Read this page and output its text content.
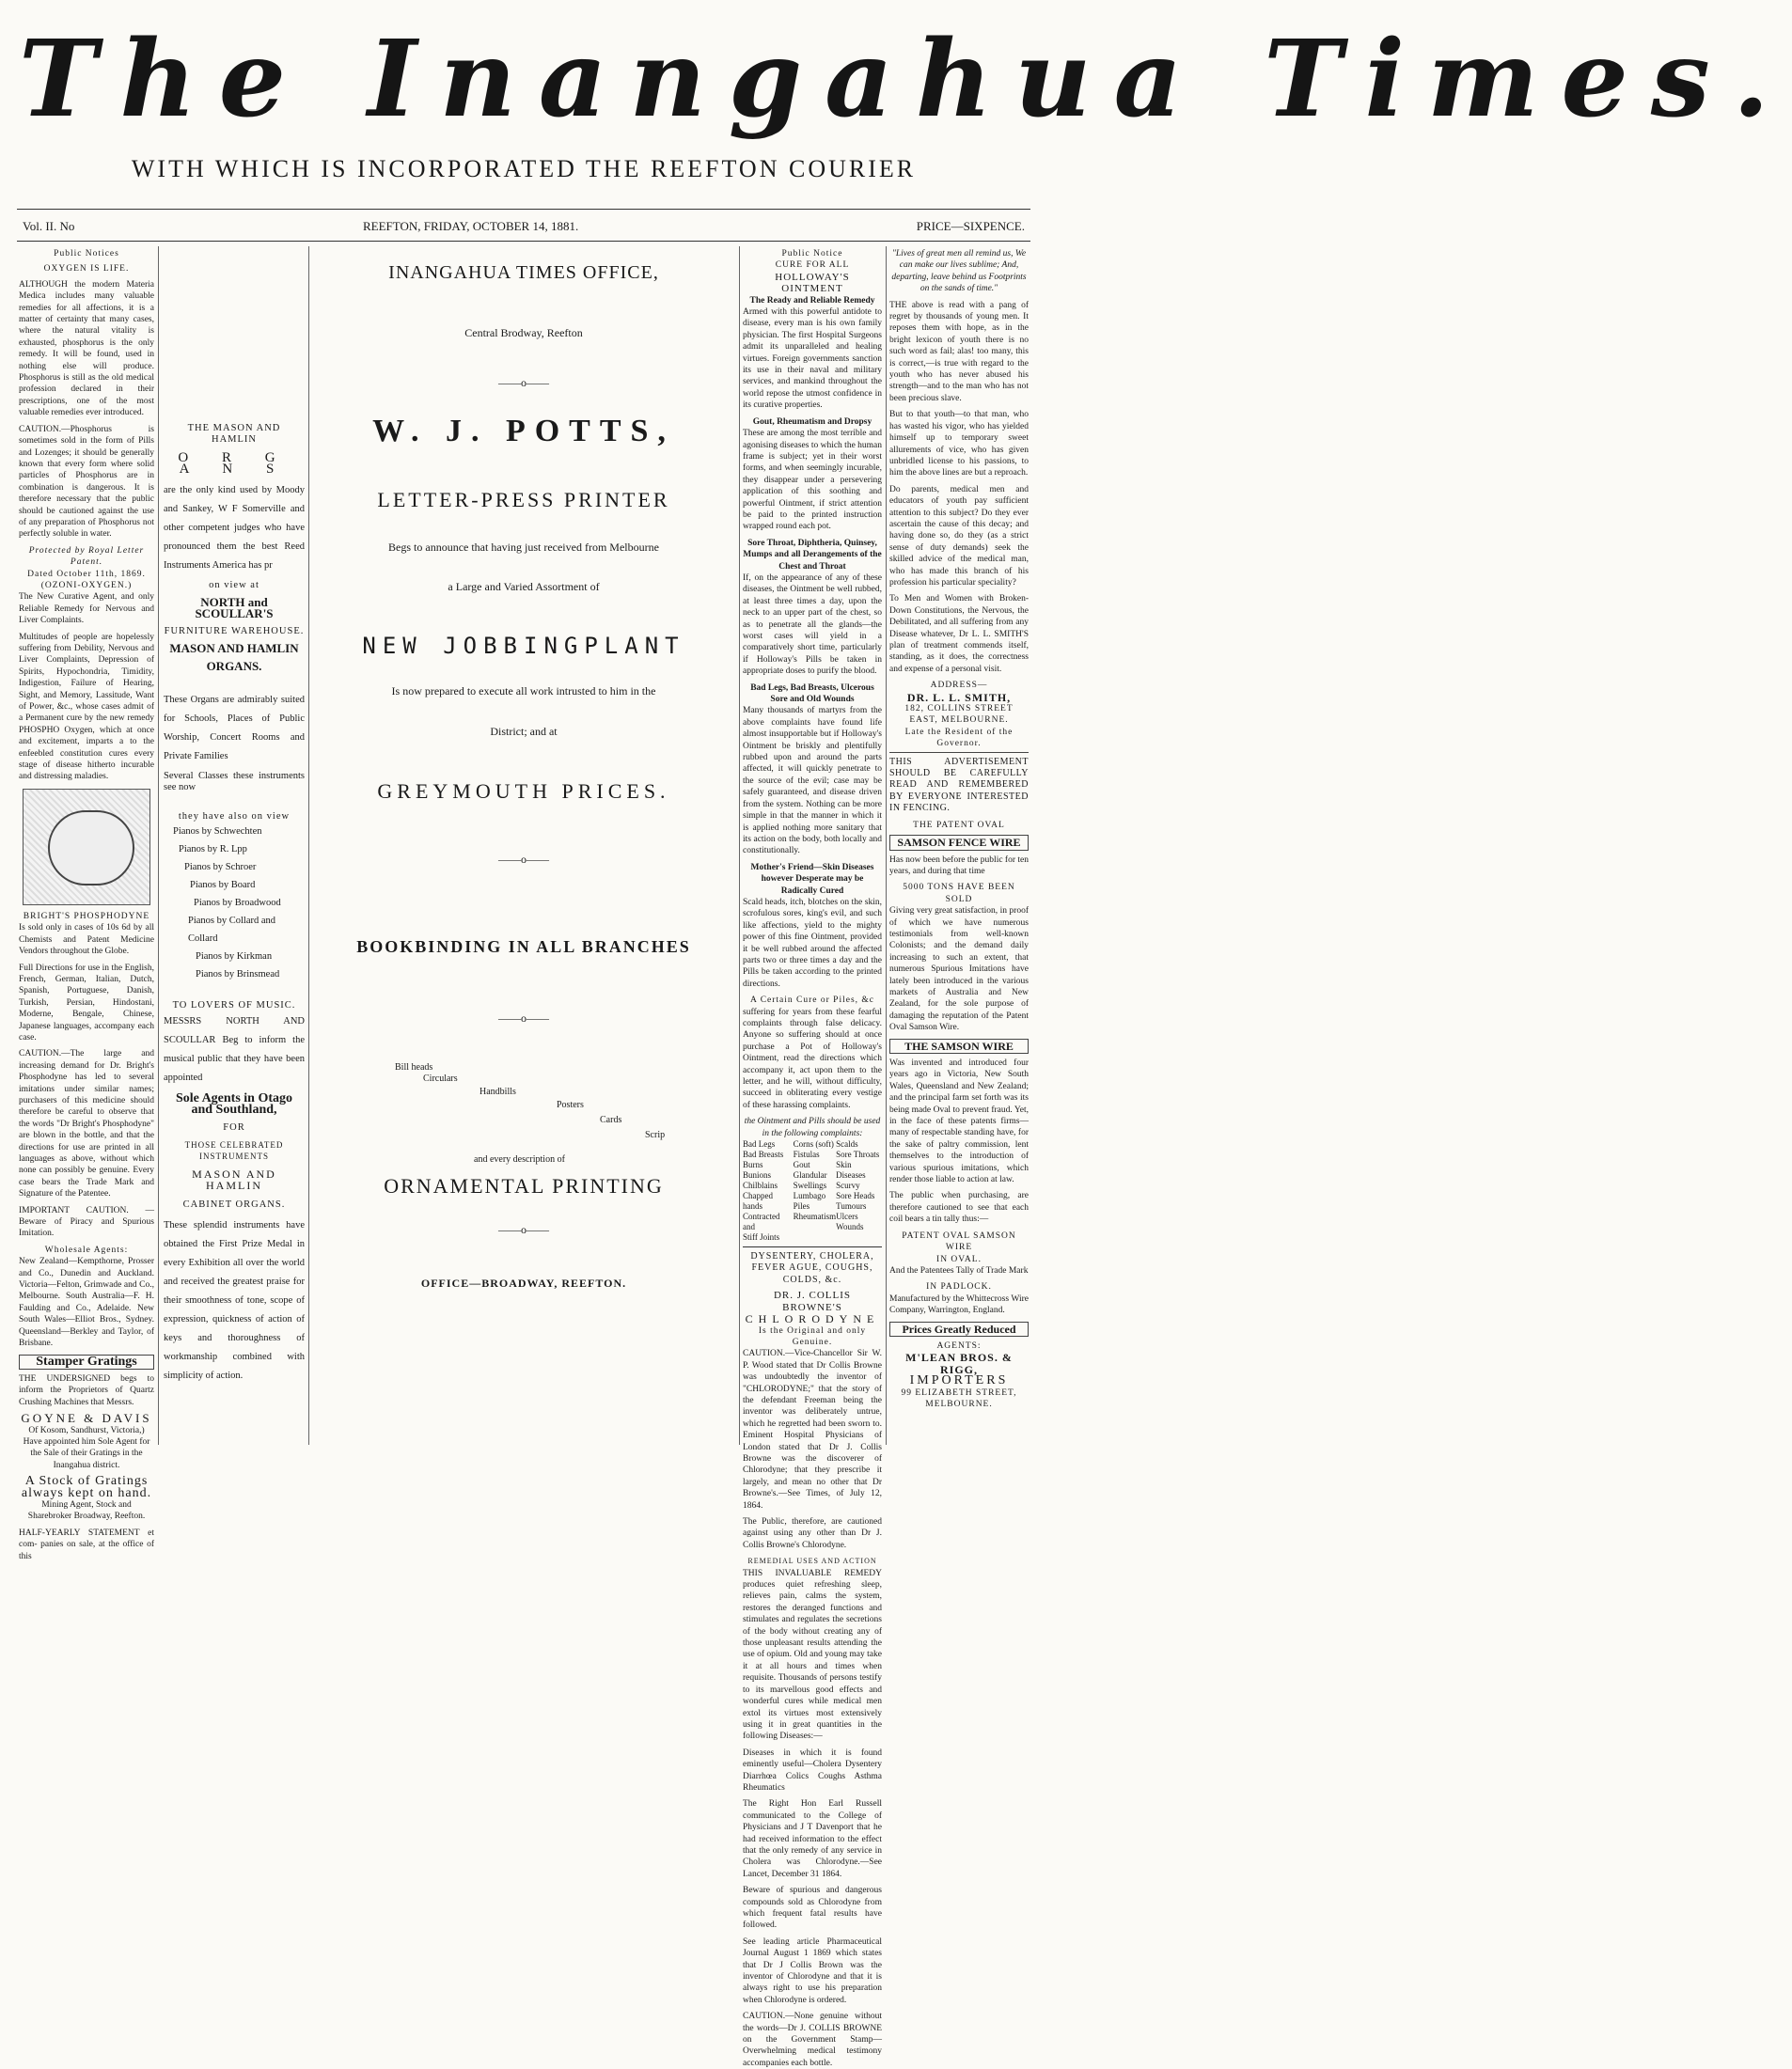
The Inangahua Times.
WITH WHICH IS INCORPORATED THE REEFTON COURIER
Vol. II. No	REEFTON, FRIDAY, OCTOBER 14, 1881.	PRICE—SIXPENCE.
Public Notices
OXYGEN IS LIFE.

ALTHOUGH the modern Materia Medica includes many valuable remedies for all affections, it is a matter of certainty that many cases, where the natural vitality is exhausted, phosphorus is the only remedy. It will be found, used in nothing else will produce. Phosphorus is still as the old medical profession declared in their prescriptions, one of the most valuable remedies ever introduced.

CAUTION.—Phosphorus is sometimes sold in the form of Pills and Lozenges; it should be generally known that every form where solid particles of Phosphorus are in combination is dangerous. It is therefore necessary that the public should be cautioned against the use of any preparation of Phosphorus not perfectly soluble in water.

Protected by Royal Letter Patent.
Dated October 11th, 1869.
(OZONI-OXYGEN.)

The New Curative Agent, and only Reliable Remedy for Nervous and Liver Complaints.

Multitudes of people are hopelessly suffering from Debility, Nervous and Liver Complaints, Depression of Spirits, Hypochondria, Timidity, Indigestion, Failure of Hearing, Sight, and Memory, Lassitude, Want of Power, &c., whose cases admit of a Permanent cure by the new remedy PHOSPHO Oxygen, which at once and excitement, imparts a to the enfeebled constitution cures every stage of disease hitherto incurable and distressing maladies.

BRIGHT'S PHOSPHODYNE

Is sold only in cases of 10s 6d by all Chemists and Patent Medicine Vendors throughout the Globe.

Full Directions for use in the English, French, German, Italian, Dutch, Spanish, Portuguese, Danish, Turkish, Persian, Hindostani, Moderne, Bengale, Chinese, Japanese languages, accompany each case.

CAUTION.—The large and increasing demand for Dr. Bright's Phosphodyne has led to several imitations under similar names; purchasers of this medicine should therefore be careful to observe that the words "Dr Bright's Phosphodyne" are blown in the bottle, and that the directions for use are printed in all languages as above, without which none can possibly be genuine. Every case bears the Trade Mark and Signature of the Patentee.

IMPORTANT CAUTION. — Beware of Piracy and Spurious Imitation.

Wholesale Agents:

New Zealand—Kempthorne, Prosser and Co., Dunedin and Auckland. Victoria—Felton, Grimwade and Co., Melbourne. South Australia—F. H. Faulding and Co., Adelaide. New South Wales—Elliot Bros., Sydney. Queensland—Berkley and Taylor, of Brisbane.

Stamper Gratings

THE UNDERSIGNED begs to inform the Proprietors of Quartz Crushing Machines that Messrs.

GOYNE & DAVIS

Of Kosom, Sandhurst, Victoria,) Have appointed him Sole Agent for the Sale of their Gratings in the Inangahua district.

A Stock of Gratings always kept on hand.

Mining Agent, Stock and Sharebroker Broadway, Reefton.

HALF-YEARLY STATEMENT et com- panies on sale, at the office of this

THE MASON AND HAMLIN
O R G A N S

are the only kind used by Moody and Sankey, W F Somerville and other competent judges who have pronounced them the best Reed Instruments America has pr

on view at
NORTH and SCOULLAR'S
FURNITURE WAREHOUSE.
MASON AND HAMLIN
ORGANS.

These Organs are admirably suited for Schools, Places of Public Worship, Concert Rooms and Private Families

Several Classes these instruments see now

they have also on view
Pianos by Schwechten
Pianos by R. Lpp
Pianos by Schroer
Pianos by Board
Pianos by Broadwood
Pianos by Collard and Collard
Pianos by Kirkman
Pianos by Brinsmead
TO LOVERS OF MUSIC.

MESSRS NORTH AND SCOULLAR Beg to inform the musical public that they have been appointed

Sole Agents in Otago and Southland,
FOR
THOSE CELEBRATED INSTRUMENTS
MASON AND HAMLIN
CABINET ORGANS.

These splendid instruments have obtained the First Prize Medal in every Exhibition all over the world and received the greatest praise for their smoothness of tone, scope of expression, quickness of action of keys and thoroughness of workmanship combined with simplicity of action.

INANGAHUA TIMES OFFICE,
Central Brodway, Reefton
——o——
W. J. POTTS,
LETTER-PRESS PRINTER
Begs to announce that having just received from Melbourne
a Large and Varied Assortment of
NEW JOBBINGPLANT
Is now prepared to execute all work intrusted to him in the
District; and at
GREYMOUTH PRICES.
——o——
BOOKBINDING IN ALL BRANCHES
——o——
Bill heads
Circulars
Handbills
Posters
Cards
Scrip
and every description of
ORNAMENTAL PRINTING
——o——
OFFICE—BROADWAY, REEFTON.
Public Notice
CURE FOR ALL
HOLLOWAY'S OINTMENT
The Ready and Reliable Remedy

Armed with this powerful antidote to disease, every man is his own family physician. The first Hospital Surgeons admit its unparalleled and healing virtues. Foreign governments sanction its use in their naval and military services, and mankind throughout the world repose the utmost confidence in its curative properties.

Gout, Rheumatism and Dropsy

These are among the most terrible and agonising diseases to which the human frame is subject; yet in their worst forms, and when seemingly incurable, they disappear under a persevering application of this soothing and powerful Ointment, if strict attention be paid to the printed instruction wrapped round each pot.

Sore Throat, Diphtheria, Quinsey, Mumps and all Derangements of the Chest and Throat

If, on the appearance of any of these diseases, the Ointment be well rubbed, at least three times a day, upon the neck to an upper part of the chest, so as to penetrate all the glands—the worst cases will yield in a comparatively short time, particularly if Holloway's Pills be taken in appropriate doses to purify the blood.

Bad Legs, Bad Breasts, Ulcerous Sore and Old Wounds

Many thousands of martyrs from the above complaints have found life almost insupportable but if Holloway's Ointment be briskly and plentifully rubbed upon and around the parts affected, it will quickly penetrate to the source of the evil; case may be safely guaranteed, and disease driven from the system. Nothing can be more simple in that the manner in which it is applied nothing more sanitary that its action on the body, both locally and constitutionally.

Mother's Friend—Skin Diseases however Desperate may be Radically Cured

Scald heads, itch, blotches on the skin, scrofulous sores, king's evil, and such like affections, yield to the mighty power of this fine Ointment, provided it be well rubbed around the affected parts two or three times a day and the Pills be taken according to the printed directions.

A Certain Cure or Piles, &c

suffering for years from these fearful complaints through false delicacy. Anyone so suffering should at once purchase a Pot of Holloway's Ointment, read the directions which accompany it, act upon them to the letter, and he will, without difficulty, succeed in obliterating every vestige of these harassing complaints.

the Ointment and Pills should be used in the following complaints:
Bad Legs
Bad Breasts
Burns
Bunions
Chilblains
Chapped hands
Contracted and
Stiff Joints
Corns (soft)
Fistulas
Gout
Glandular
Swellings
Lumbago
Piles
Rheumatism
Scalds
Sore Throats
Skin Diseases
Scurvy
Sore Heads
Tumours
Ulcers
Wounds
DYSENTERY, CHOLERA, FEVER AGUE, COUGHS, COLDS, &c.
DR. J. COLLIS BROWNE'S
CHLORODYNE
Is the Original and only Genuine.

CAUTION.—Vice-Chancellor Sir W. P. Wood stated that Dr Collis Browne was undoubtedly the inventor of "CHLORODYNE;" that the story of the defendant Freeman being the inventor was deliberately untrue, which he regretted had been sworn to. Eminent Hospital Physicians of London stated that Dr J. Collis Browne was the discoverer of Chlorodyne; that they prescribe it largely, and mean no other that Dr Browne's.—See Times, of July 12, 1864.

The Public, therefore, are cautioned against using any other than Dr J. Collis Browne's Chlorodyne.

REMEDIAL USES AND ACTION

THIS INVALUABLE REMEDY produces quiet refreshing sleep, relieves pain, calms the system, restores the deranged functions and stimulates and regulates the secretions of the body without creating any of those unpleasant results attending the use of opium. Old and young may take it at all hours and times when requisite. Thousands of persons testify to its marvellous good effects and wonderful cures while medical men extol its virtues most extensively using it in great quantities in the following Diseases:—

Diseases in which it is found eminently useful—Cholera Dysentery Diarrhœa Colics Coughs Asthma Rheumatics

The Right Hon Earl Russell communicated to the College of Physicians and J T Davenport that he had received information to the effect that the only remedy of any service in Cholera was Chlorodyne.—See Lancet, December 31 1864.

Beware of spurious and dangerous compounds sold as Chlorodyne from which frequent fatal results have followed.

See leading article Pharmaceutical Journal August 1 1869 which states that Dr J Collis Brown was the inventor of Chlorodyne and that it is always right to use his preparation when Chlorodyne is ordered.

CAUTION.—None genuine without the words—Dr J. COLLIS BROWNE on the Government Stamp—Overwhelming medical testimony accompanies each bottle.

"Lives of great men all remind us, We can make our lives sublime; And, departing, leave behind us Footprints on the sands of time."

THE above is read with a pang of regret by thousands of young men. It reposes them with hope, as in the bright lexicon of youth there is no such word as fail; alas! too many, this is correct,—is true with regard to the youth who has never abused his strength—and to the man who has not been precious slave.

But to that youth—to that man, who has wasted his vigor, who has yielded himself up to temporary sweet allurements of vice, who has given unbridled license to his passions, to him the above lines are but a reproach.

Do parents, medical men and educators of youth pay sufficient attention to this subject? Do they ever ascertain the cause of this decay; and having done so, do they (as a strict sense of duty demands) seek the skilled advice of the medical man, who has made this branch of his profession his particular speciality?

To Men and Women with Broken-Down Constitutions, the Nervous, the Debilitated, and all suffering from any Disease whatever, Dr L. L. SMITH'S plan of treatment commends itself, standing, as it does, the correctness and expense of a personal visit.

ADDRESS—
DR. L. L. SMITH,
182, COLLINS STREET EAST, MELBOURNE.
Late the Resident of the Governor.

THIS ADVERTISEMENT SHOULD BE CAREFULLY READ AND REMEMBERED BY EVERYONE INTERESTED IN FENCING.

THE PATENT OVAL
SAMSON FENCE WIRE

Has now been before the public for ten years, and during that time

5000 TONS HAVE BEEN SOLD

Giving very great satisfaction, in proof of which we have numerous testimonials from well-known Colonists; and the demand daily increasing to such an extent, that numerous Spurious Imitations have lately been introduced in the various markets of Australia and New Zealand, for the sole purpose of damaging the reputation of the Patent Oval Samson Wire.

THE SAMSON WIRE

Was invented and introduced four years ago in Victoria, New South Wales, Queensland and New Zealand; and the principal farm set forth was its being made Oval to prevent fraud. Yet, in the face of these patents firms—many of respectable standing have, for the sake of paltry commission, lent themselves to the introduction of various spurious imitations, which render those liable to action at law.

The public when purchasing, are therefore cautioned to see that each coil bears a tin tally thus:—

PATENT OVAL SAMSON WIRE
IN OVAL.

And the Patentees Tally of Trade Mark

IN PADLOCK.

Manufactured by the Whittecross Wire Company, Warrington, England.

Prices Greatly Reduced
AGENTS:
M'LEAN BROS. & RIGG,
IMPORTERS
99 ELIZABETH STREET, MELBOURNE.
